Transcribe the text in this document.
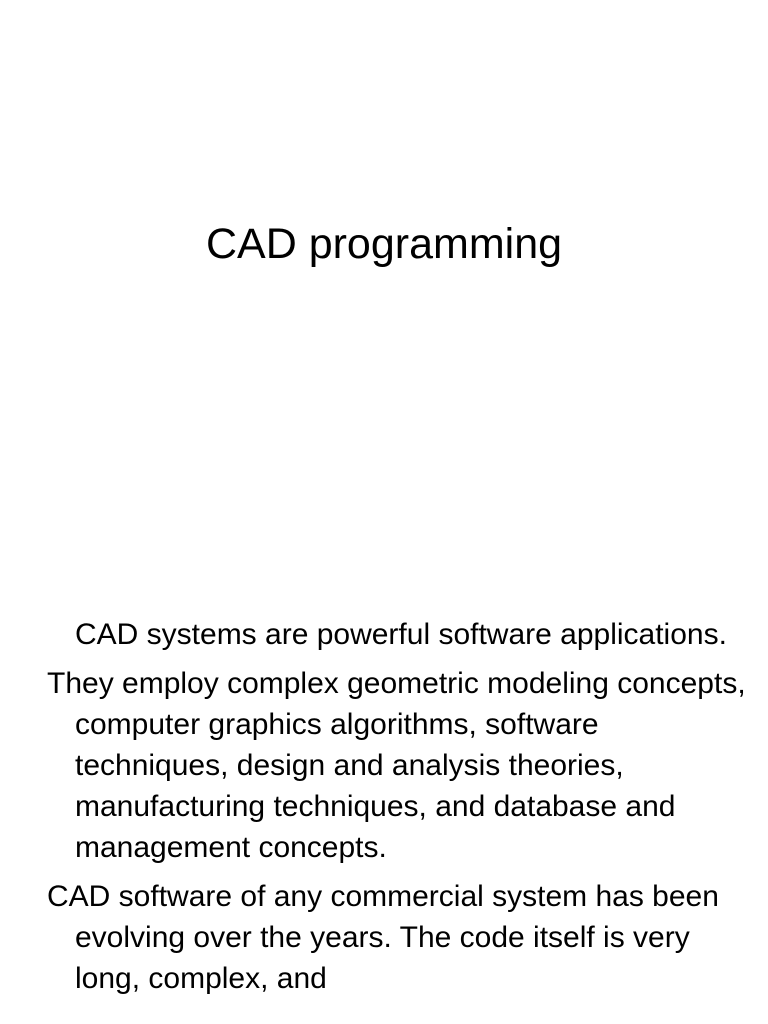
CAD programming

CAD systems are powerful software applications.

They employ complex geometric modeling concepts, computer graphics algorithms, software techniques, design and analysis theories, manufacturing techniques, and database and management concepts.

CAD software of any commercial system has been evolving over the years. The code itself is very long, complex, and
